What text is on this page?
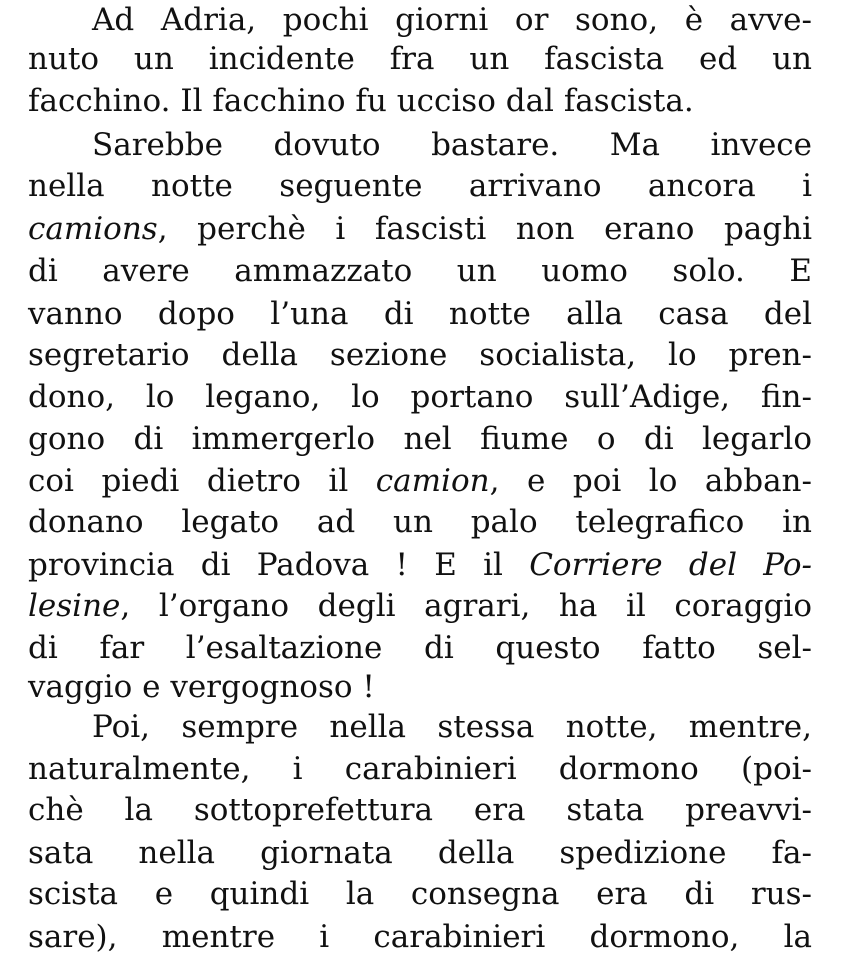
Ad Adria, pochi giorni or sono, è avve-
nuto un incidente fra un fascista ed un
facchino. Il facchino fu ucciso dal fascista.
Sarebbe dovuto bastare. Ma invece
nella notte seguente arrivano ancora i
camions, perchè i fascisti non erano paghi
di avere ammazzato un uomo solo. E
vanno dopo l’una di notte alla casa del
segretario della sezione socialista, lo pren-
dono, lo legano, lo portano sull’Adige, fin-
gono di immergerlo nel fiume o di legarlo
coi piedi dietro il camion, e poi lo abban-
donano legato ad un palo telegrafico in
provincia di Padova ! E il Corriere del Po-
lesine, l’organo degli agrari, ha il coraggio
di far l’esaltazione di questo fatto sel-
vaggio e vergognoso !
Poi, sempre nella stessa notte, mentre,
naturalmente, i carabinieri dormono (poi-
chè la sottoprefettura era stata preavvi-
sata nella giornata della spedizione fa-
scista e quindi la consegna era di rus-
sare), mentre i carabinieri dormono, la
